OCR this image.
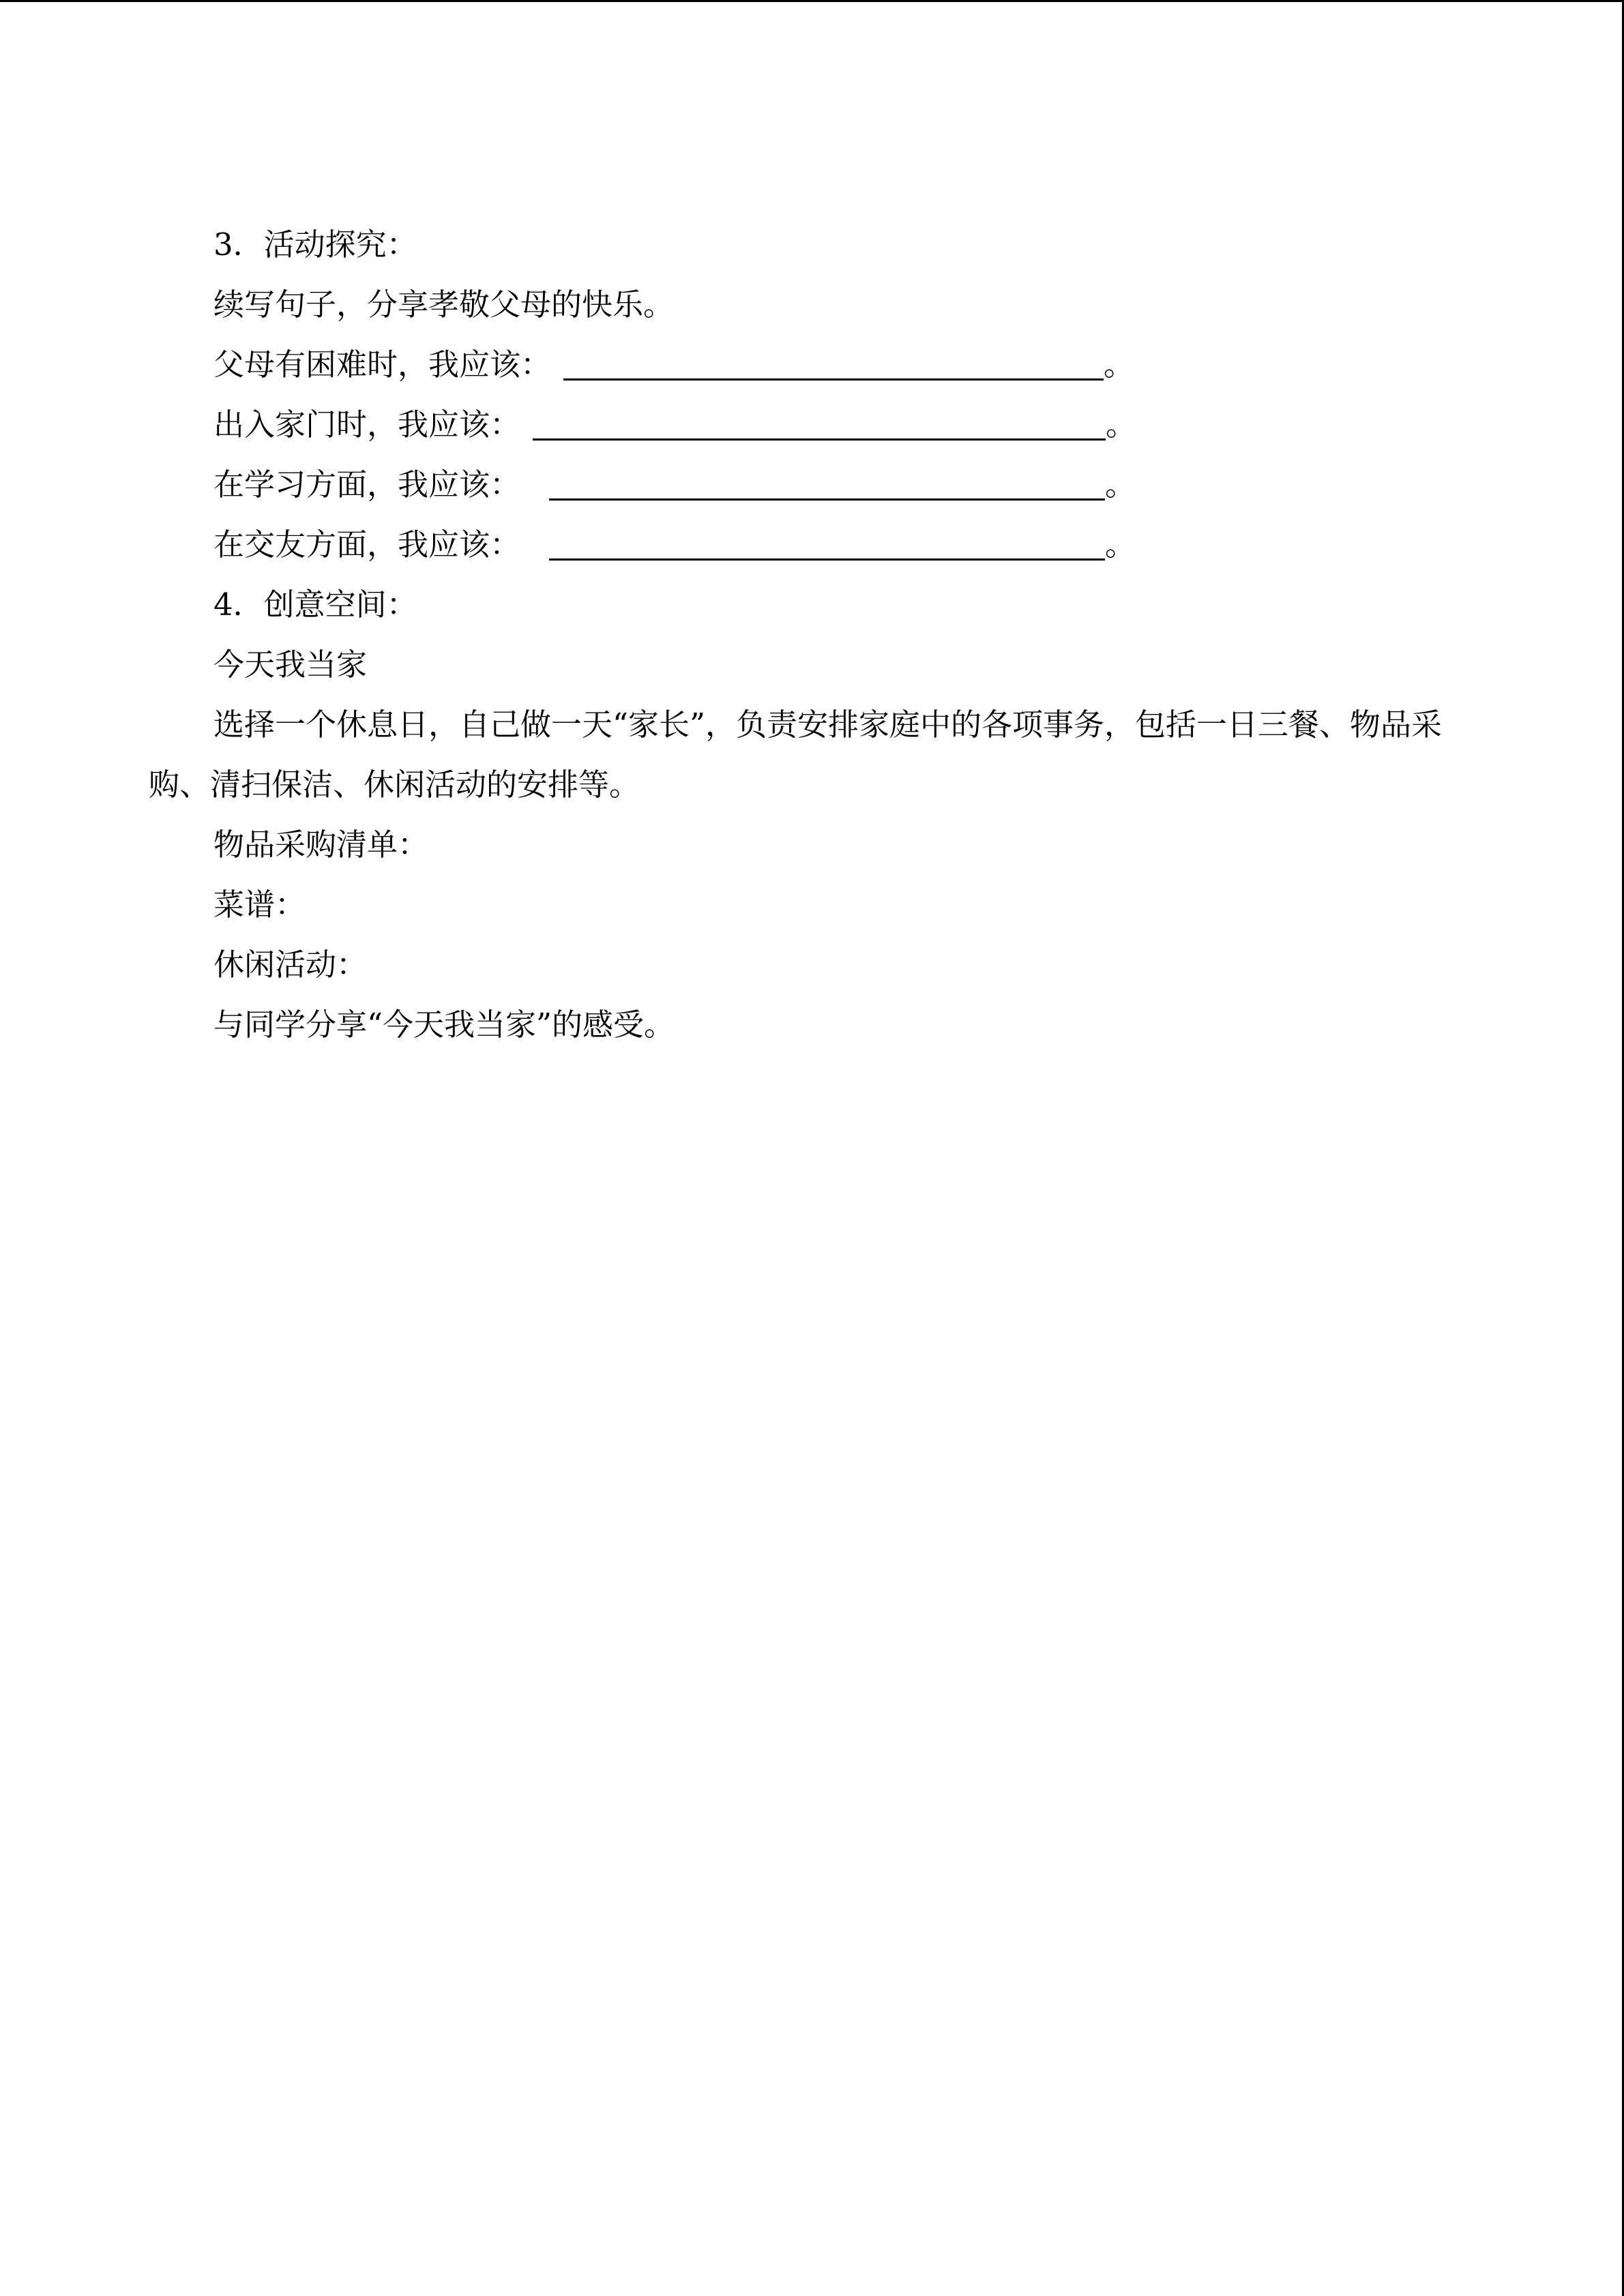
3．活动探究：
续写句子，分享孝敬父母的快乐。
父母有困难时，我应该：	。
出入家门时，我应该：	。
在学习方面，我应该：	。
在交友方面，我应该：	。
4．创意空间：
今天我当家
选择一个休息日，自己做一天“家长”，负责安排家庭中的各项事务，包括一日三餐、物品采购、清扫保洁、休闲活动的安排等。
物品采购清单：
菜谱：
休闲活动：
与同学分享“今天我当家”的感受。
